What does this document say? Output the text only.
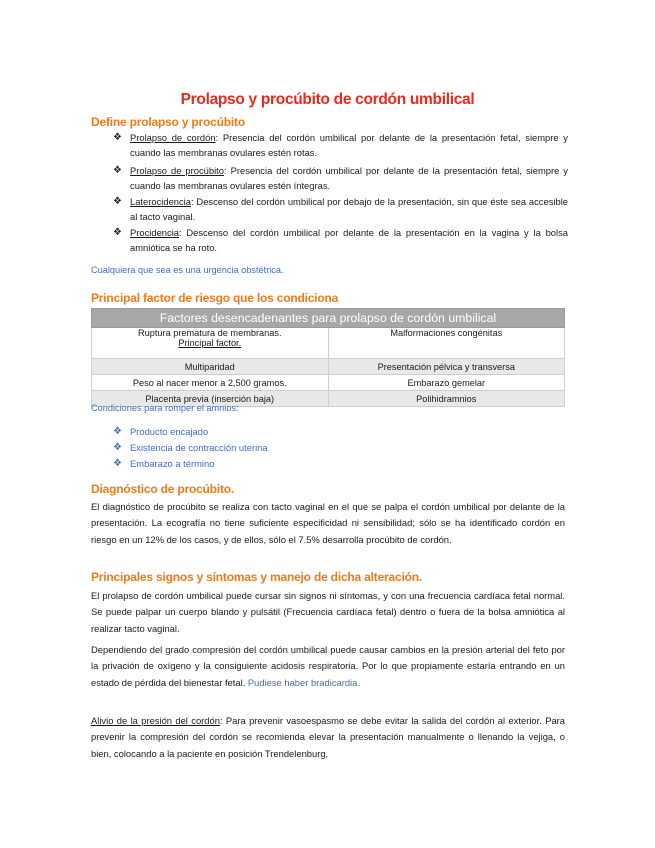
Prolapso y procúbito de cordón umbilical
Define prolapso y procúbito
❖ Prolapso de cordón: Presencia del cordón umbilical por delante de la presentación fetal, siempre y cuando las membranas ovulares estén rotas.
❖ Prolapso de procúbito: Presencia del cordón umbilical por delante de la presentación fetal, siempre y cuando las membranas ovulares estén íntegras.
❖ Laterocidencia: Descenso del cordón umbilical por debajo de la presentación, sin que éste sea accesible al tacto vaginal.
❖ Procidencia: Descenso del cordón umbilical por delante de la presentación en la vagina y la bolsa amniótica se ha roto.
Cualquiera que sea es una urgencia obstétrica.
Principal factor de riesgo que los condiciona
Factores desencadenantes para prolapso de cordón umbilical	

Ruptura prematura de membranas.
Principal factor.	Malformaciones congénitas
Multiparidad	Presentación pélvica y transversa
Peso al nacer menor a 2,500 gramos.	Embarazo gemelar
Placenta previa (inserción baja)	Polihidramnios
Condiciones para romper el amnios:
❖ Producto encajado
❖ Existencia de contracción uterina
❖ Embarazo a término
Diagnóstico de procúbito.
El diagnóstico de procúbito se realiza con tacto vaginal en el que se palpa el cordón umbilical por delante de la presentación. La ecografía no tiene suficiente especificidad ni sensibilidad; sólo se ha identificado cordón en riesgo en un 12% de los casos, y de ellos, sólo el 7.5% desarrolla procúbito de cordón.
Principales signos y síntomas y manejo de dicha alteración.
El prolapso de cordón umbilical puede cursar sin signos ni síntomas, y con una frecuencia cardíaca fetal normal. Se puede palpar un cuerpo blando y pulsátil (Frecuencia cardíaca fetal) dentro o fuera de la bolsa amniótica al realizar tacto vaginal.
Dependiendo del grado compresión del cordón umbilical puede causar cambios en la presión arterial del feto por la privación de oxígeno y la consiguiente acidosis respiratoria. Por lo que propiamente estaría entrando en un estado de pérdida del bienestar fetal. Pudiese haber bradicardia.
Alivio de la presión del cordón: Para prevenir vasoespasmo se debe evitar la salida del cordón al exterior. Para prevenir la compresión del cordón se recomienda elevar la presentación manualmente o llenando la vejiga, o bien, colocando a la paciente en posición Trendelenburg,
